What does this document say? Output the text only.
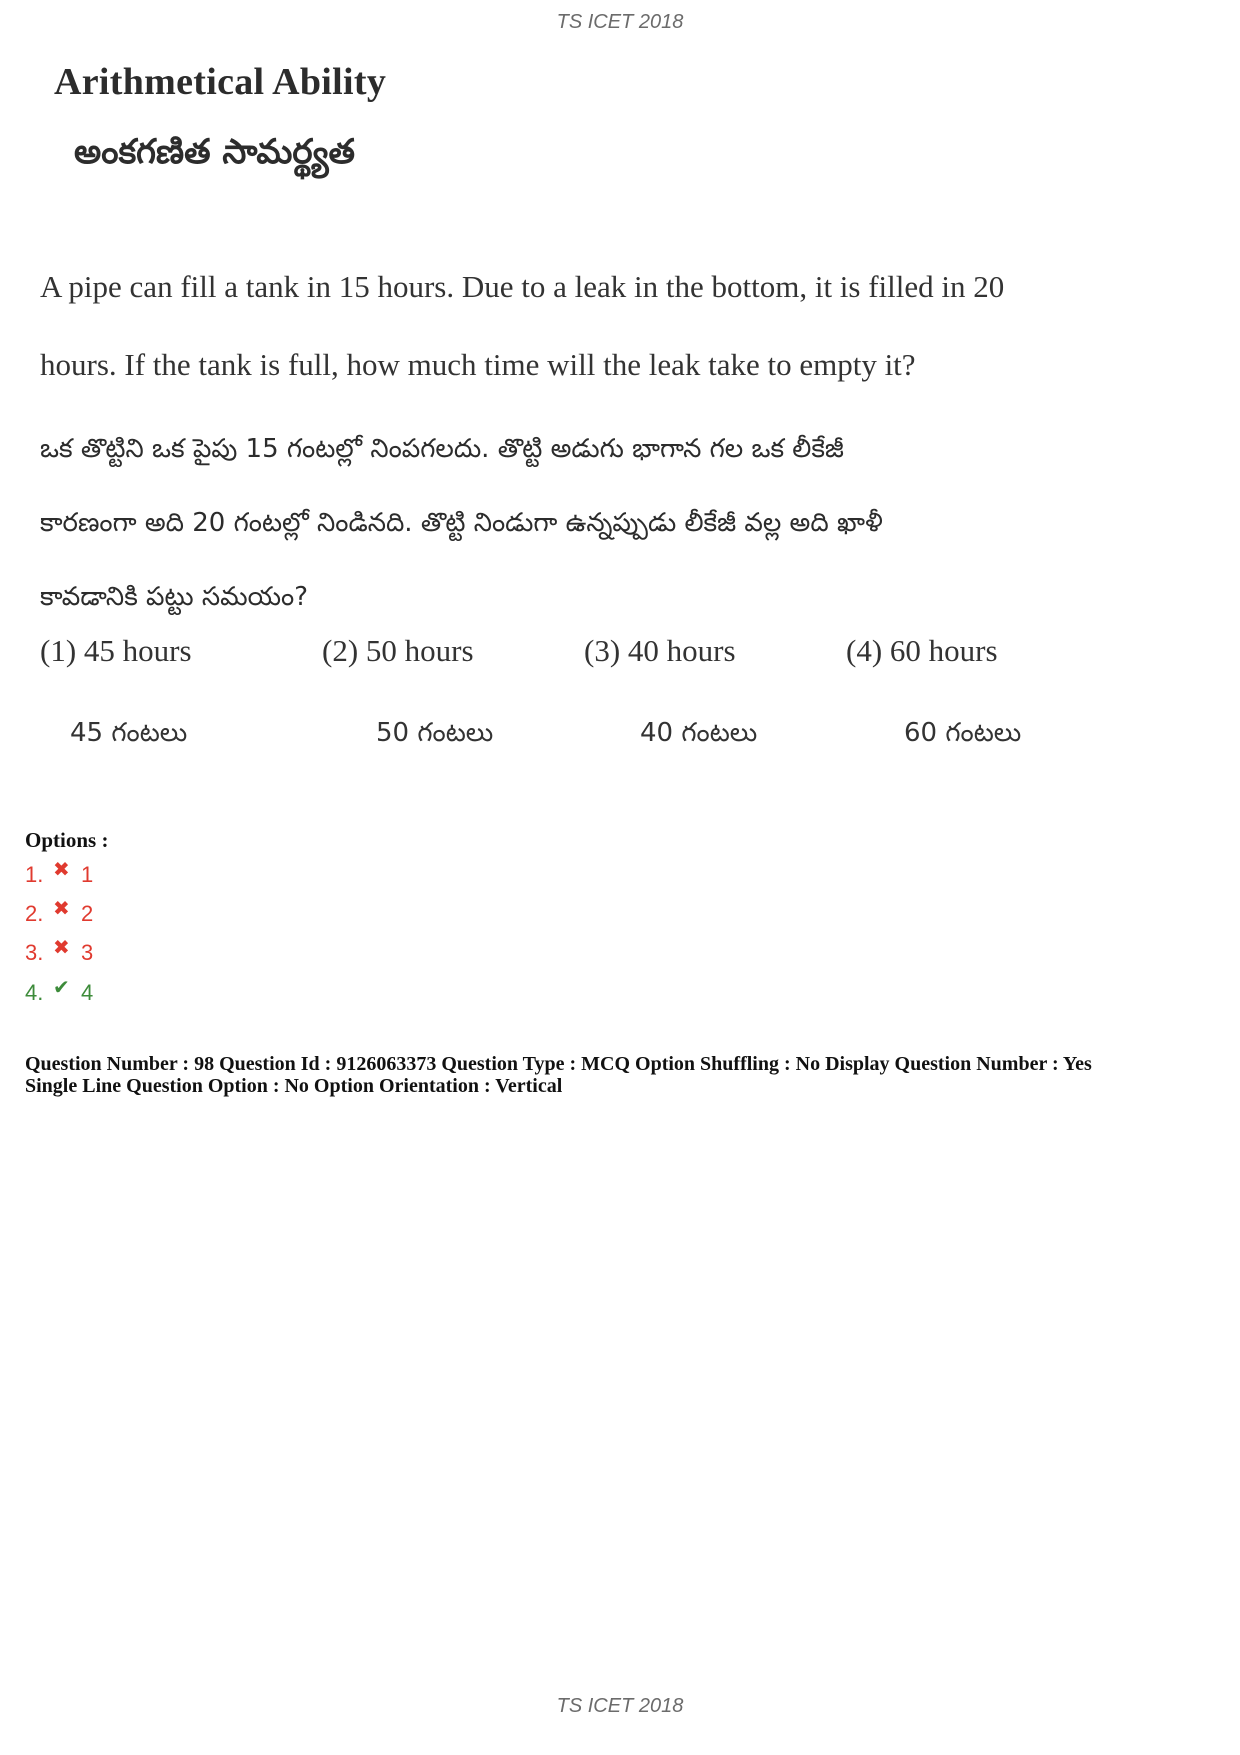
TS ICET 2018
Arithmetical Ability
అంకగణిత సామర్థ్యత
A pipe can fill a tank in 15 hours. Due to a leak in the bottom, it is filled in 20
hours. If the tank is full, how much time will the leak take to empty it?
ఒక తొట్టిని ఒక పైపు 15 గంటల్లో నింపగలదు. తొట్టి అడుగు భాగాన గల ఒక లీకేజీ
కారణంగా అది 20 గంటల్లో నిండినది. తొట్టి నిండుగా ఉన్నప్పుడు లీకేజీ వల్ల అది ఖాళీ
కావడానికి పట్టు సమయం?
(1) 45 hours	(2) 50 hours	(3) 40 hours	(4) 60 hours
45 గంటలు	50 గంటలు	40 గంటలు	60 గంటలు
Options :
1. ✖ 1
2. ✖ 2
3. ✖ 3
4. ✔ 4
Question Number : 98 Question Id : 9126063373 Question Type : MCQ Option Shuffling : No Display Question Number : Yes
Single Line Question Option : No Option Orientation : Vertical
TS ICET 2018
